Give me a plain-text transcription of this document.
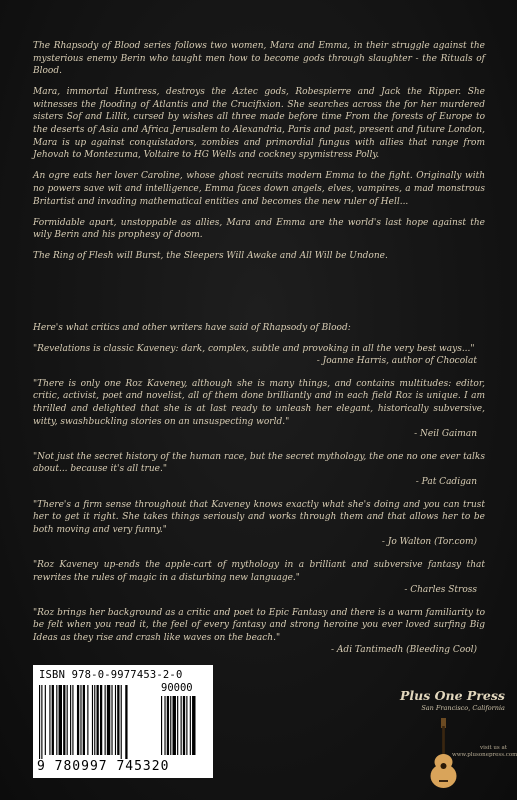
The Rhapsody of Blood series follows two women, Mara and Emma, in their struggle against the mysterious enemy Berin who taught men how to become gods through slaughter - the Rituals of Blood.

Mara, immortal Huntress, destroys the Aztec gods, Robespierre and Jack the Ripper. She witnesses the flooding of Atlantis and the Crucifixion. She searches across the for her murdered sisters Sof and Lillit, cursed by wishes all three made before time From the forests of Europe to the deserts of Asia and Africa Jerusalem to Alexandria, Paris and past, present and future London, Mara is up against conquistadors, zombies and primordial fungus with allies that range from Jehovah to Montezuma, Voltaire to HG Wells and cockney spymistress Polly.

An ogre eats her lover Caroline, whose ghost recruits modern Emma to the fight. Originally with no powers save wit and intelligence, Emma faces down angels, elves, vampires, a mad monstrous Britartist and invading mathematical entities and becomes the new ruler of Hell...

Formidable apart, unstoppable as allies, Mara and Emma are the world's last hope against the wily Berin and his prophesy of doom.

The Ring of Flesh will Burst, the Sleepers Will Awake and All Will be Undone.

Here's what critics and other writers have said of Rhapsody of Blood:

"Revelations is classic Kaveney: dark, complex, subtle and provoking in all the very best ways..."
- Joanne Harris, author of Chocolat
"There is only one Roz Kaveney, although she is many things, and contains multitudes: editor, critic, activist, poet and novelist, all of them done brilliantly and in each field Roz is unique. I am thrilled and delighted that she is at last ready to unleash her elegant, historically subversive, witty, swashbuckling stories on an unsuspecting world."
- Neil Gaiman
"Not just the secret history of the human race, but the secret mythology, the one no one ever talks about... because it's all true."
- Pat Cadigan
"There's a firm sense throughout that Kaveney knows exactly what she's doing and you can trust her to get it right. She takes things seriously and works through them and that allows her to be both moving and very funny."
- Jo Walton (Tor.com)
"Roz Kaveney up-ends the apple-cart of mythology in a brilliant and subversive fantasy that rewrites the rules of magic in a disturbing new language."
- Charles Stross
"Roz brings her background as a critic and poet to Epic Fantasy and there is a warm familiarity to be felt when you read it, the feel of every fantasy and strong heroine you ever loved surfing Big Ideas as they rise and crash like waves on the beach."
- Adi Tantimedh (Bleeding Cool)
ISBN 978-0-9977453-2-0
90000
9 780997 745320
Plus One Press
San Francisco, California
visit us at www.plusonepress.com
